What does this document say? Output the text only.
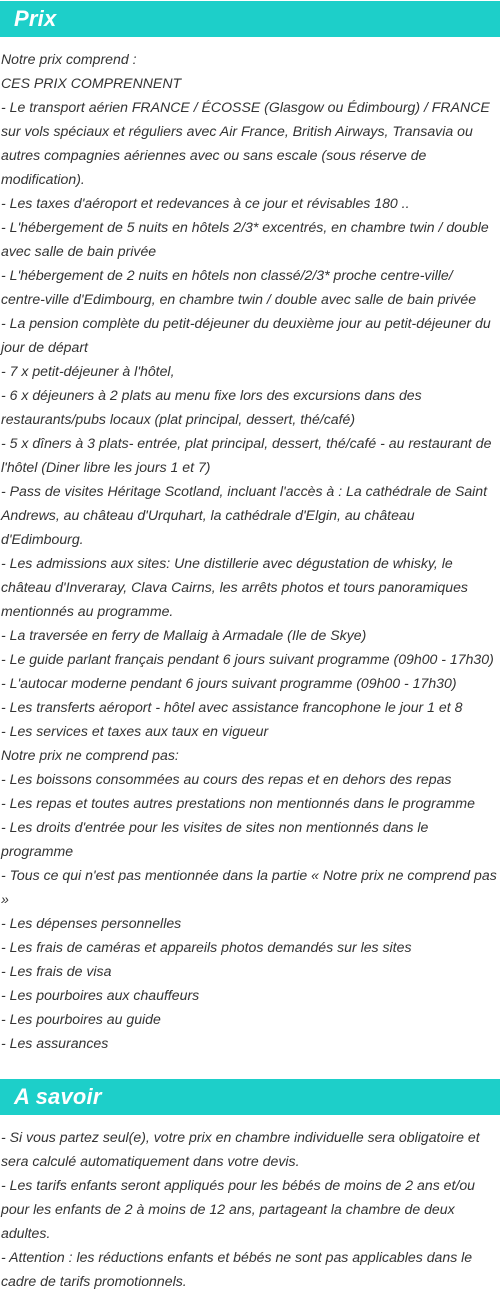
Prix

Notre prix comprend :

CES PRIX COMPRENNENT

- Le transport aérien FRANCE / ÉCOSSE (Glasgow ou Édimbourg) / FRANCE sur vols spéciaux et réguliers avec Air France, British Airways, Transavia ou autres compagnies aériennes avec ou sans escale (sous réserve de modification).

- Les taxes d'aéroport et redevances à ce jour et révisables 180 ..

- L'hébergement de 5 nuits en hôtels 2/3* excentrés, en chambre twin / double avec salle de bain privée

- L'hébergement de 2 nuits en hôtels non classé/2/3* proche centre-ville/ centre-ville d'Edimbourg, en chambre twin / double avec salle de bain privée

- La pension complète du petit-déjeuner du deuxième jour au petit-déjeuner du jour de départ

- 7 x petit-déjeuner à l'hôtel,

- 6 x déjeuners à 2 plats au menu fixe lors des excursions dans des restaurants/pubs locaux (plat principal, dessert, thé/café)

- 5 x dîners à 3 plats- entrée, plat principal, dessert, thé/café - au restaurant de l'hôtel (Diner libre les jours 1 et 7)

- Pass de visites Héritage Scotland, incluant l'accès à : La cathédrale de Saint Andrews, au château d'Urquhart, la cathédrale d'Elgin, au château d'Edimbourg.

- Les admissions aux sites: Une distillerie avec dégustation de whisky, le château d'Inveraray, Clava Cairns, les arrêts photos et tours panoramiques mentionnés au programme.

- La traversée en ferry de Mallaig à Armadale (Ile de Skye)

- Le guide parlant français pendant 6 jours suivant programme (09h00 - 17h30)

- L'autocar moderne pendant 6 jours suivant programme (09h00 - 17h30)

- Les transferts aéroport - hôtel avec assistance francophone le jour 1 et 8

- Les services et taxes aux taux en vigueur

Notre prix ne comprend pas:

- Les boissons consommées au cours des repas et en dehors des repas

- Les repas et toutes autres prestations non mentionnés dans le programme

- Les droits d'entrée pour les visites de sites non mentionnés dans le programme

- Tous ce qui n'est pas mentionnée dans la partie « Notre prix ne comprend pas »

- Les dépenses personnelles

- Les frais de caméras et appareils photos demandés sur les sites

- Les frais de visa

- Les pourboires aux chauffeurs

- Les pourboires au guide

- Les assurances

A savoir

- Si vous partez seul(e), votre prix en chambre individuelle sera obligatoire et sera calculé automatiquement dans votre devis.

- Les tarifs enfants seront appliqués pour les bébés de moins de 2 ans et/ou pour les enfants de 2 à moins de 12 ans, partageant la chambre de deux adultes.

- Attention : les réductions enfants et bébés ne sont pas applicables dans le cadre de tarifs promotionnels.
